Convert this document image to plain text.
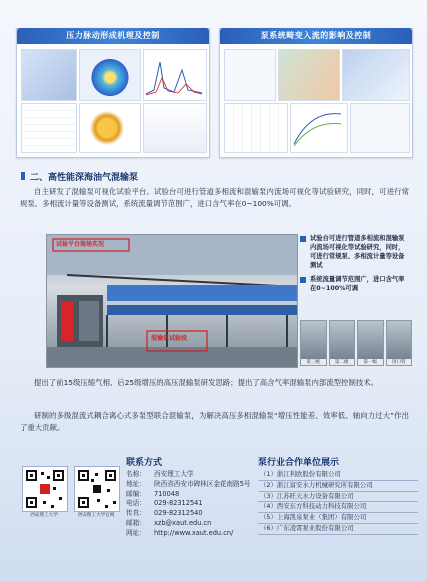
压力脉动形成机理及控制	泵系统畸变入流的影响及控制
二、高性能深海油气混输泵
自主研发了混输泵可视化试验平台。试验台可进行管道多相流和混输泵内流场可视化等试验研究，同时，可进行常规泵、多相流计量等设备测试，系统流量调节范围广，进口含气率在0~100%可调。
试验平台现场实况
混输泵试验段
试验台可进行管道多相流和混输泵内流场可视化等试验研究，同时，可进行常规泵、多相流计量等设备测试
系统流量调节范围广，进口含气率在0~100%可调
第三级	第二级	第一级	进口管
提出了前15级压缩气相、后25级增压的高压混输泵研发思路；提出了高含气率混输泵内部流型控制技术。
研制的多级混流式耦合离心式多泵型联合混输泵，为解决高压多相混输泵“增压性能差、效率低、轴向力过大”作出了重大贡献。
西安理工大学	西安理工大学官网
联系方式
名称：	西安理工大学
地址：	陕西省西安市碑林区金花南路5号
邮编：	710048
电话：	029-82312541
传真：	029-82312540
邮箱：	xzb@xaut.edu.cn
网址：	http://www.xaut.edu.cn/
泵行业合作单位展示
（1）浙江利欧股份有限公司
（2）浙江富安水力机械研究所有限公司
（3）江苏旺天水力设备有限公司
（4）西安东方科技动力科技有限公司
（5）上海凯泉泵业（集团）有限公司
（6）广东凌霄泵业股份有限公司
